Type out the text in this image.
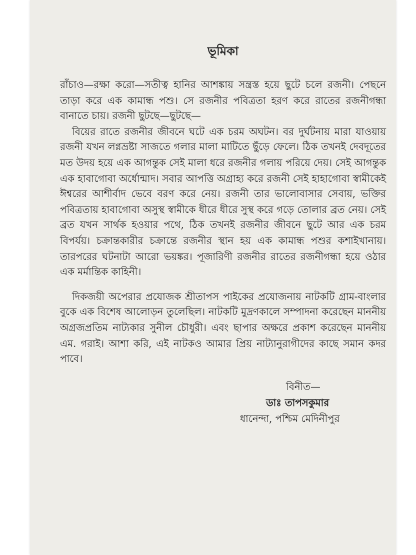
ভূমিকা

রাঁচাও—রক্ষা করো—সতীত্ব হানির আশঙ্কায় সন্ত্রস্ত হয়ে ছুটে চলে রজনী। পেছনে তাড়া করে এক কামান্ধ পশু। সে রজনীর পবিত্রতা হরণ করে রাতের রজনীগন্ধা বানাতে চায়। রজনী ছুটছে—ছুটছে—

বিয়ের রাতে রজনীর জীবনে ঘটে এক চরম অঘটন। বর দুর্ঘটনায় মারা যাওয়ায় রজনী যখন লগ্নভ্রষ্টা সাজতে গলার মালা মাটিতে ছুঁড়ে ফেলে। ঠিক তখনই দেবদূতের মত উদয় হয়ে এক আগন্তুক সেই মালা ধরে রজনীর গলায় পরিয়ে দেয়। সেই আগন্তুক এক হাবাগোবা অর্ধোন্মাদ। সবার আপত্তি অগ্রাহ্য করে রজনী সেই হাহাগোবা স্বামীকেই ঈশ্বরের আশীর্বাদ ভেবে বরণ করে নেয়। রজনী তার ভালোবাসার সেবায়, ভক্তির পবিত্রতায় হাবাগোবা অসুস্থ স্বামীকে ধীরে ধীরে সুস্থ করে গড়ে তোলার ব্রত নেয়। সেই ব্রত যখন সার্থক হওয়ার পথে, ঠিক তখনই রজনীর জীবনে ছুটে আর এক চরম বিপর্যয়। চক্রান্তকারীর চক্রান্তে রজনীর স্থান হয় এক কামান্ধ পশুর কশাইখানায়। তারপরের ঘটনাটা আরো ভয়ঙ্কর। পূজারিণী রজনীর রাতের রজনীগন্ধা হয়ে ওঠার এক মর্মান্তিক কাহিনী।

দিকজয়ী অপেরার প্রযোজক শ্রীতাপস পাইকের প্রযোজনায় নাটকটি গ্রাম-বাংলার বুকে এক বিশেষ আলোড়ন তুলেছিল। নাটকটি মুদ্রণকালে সম্পাদনা করেছেন মাননীয় অগ্রজপ্রতিম নাট্যকার সুনীল চৌধুরী। এবং ছাপার অক্ষরে প্রকাশ করেছেন মাননীয় এম. গরাই। আশা করি, এই নাটকও আমার প্রিয় নাট্যানুরাগীদের কাছে সমান কদর পাবে।

বিনীত—
ডাঃ তাপসকুমার
ধানেন্দা, পশ্চিম মেদিনীপুর
